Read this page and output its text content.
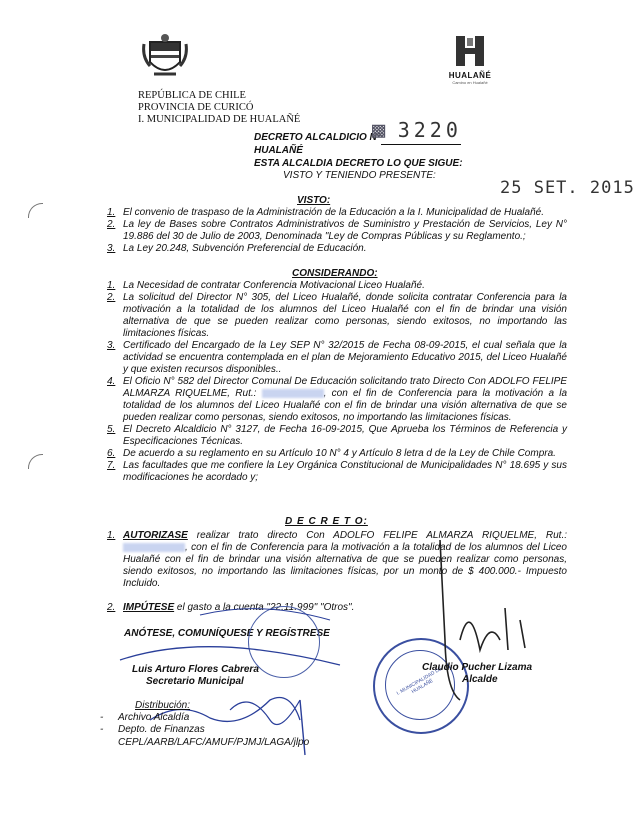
REPÚBLICA DE CHILE
PROVINCIA DE CURICÓ
I. MUNICIPALIDAD DE HUALAÑÉ
HUALAÑÉ
Camino en Hualañé
DECRETO ALCALDICIO N°
▩ 3220
HUALAÑÉ
ESTA ALCALDIA DECRETO LO QUE SIGUE:
VISTO Y TENIENDO PRESENTE:
25 SET. 2015
VISTO:
1. El convenio de traspaso de la Administración de la Educación a la I. Municipalidad de Hualañé.
2. La ley de Bases sobre Contratos Administrativos de Suministro y Prestación de Servicios, Ley N° 19.886 del 30 de Julio de 2003, Denominada "Ley de Compras Públicas y su Reglamento.;
3. La Ley 20.248, Subvención Preferencial de Educación.
CONSIDERANDO:
1. La Necesidad de contratar Conferencia Motivacional Liceo Hualañé.
2. La solicitud del Director N° 305, del Liceo Hualañé, donde solicita contratar Conferencia para la motivación a la totalidad de los alumnos del Liceo Hualañé con el fin de brindar una visión alternativa de que se pueden realizar como personas, siendo exitosos, no importando las limitaciones físicas.
3. Certificado del Encargado de la Ley SEP N° 32/2015 de Fecha 08-09-2015, el cual señala que la actividad se encuentra contemplada en el plan de Mejoramiento Educativo 2015, del Liceo Hualañé y que existen recursos disponibles..
4. El Oficio N° 582 del Director Comunal De Educación solicitando trato Directo Con ADOLFO FELIPE ALMARZA RIQUELME, Rut.:	, con el fin de Conferencia para la motivación a la totalidad de los alumnos del Liceo Hualañé con el fin de brindar una visión alternativa de que se pueden realizar como personas, siendo exitosos, no importando las limitaciones físicas.
5. El Decreto Alcaldicio N° 3127, de Fecha 16-09-2015, Que Aprueba los Términos de Referencia y Especificaciones Técnicas.
6. De acuerdo a su reglamento en su Artículo 10 N° 4 y Artículo 8 letra d de la Ley de Chile Compra.
7. Las facultades que me confiere la Ley Orgánica Constitucional de Municipalidades N° 18.695 y sus modificaciones he acordado y;
D E C R E T O:
1. AUTORIZASE realizar trato directo Con ADOLFO FELIPE ALMARZA RIQUELME, Rut.: , con el fin de Conferencia para la motivación a la totalidad de los alumnos del Liceo Hualañé con el fin de brindar una visión alternativa de que se pueden realizar como personas, siendo exitosos, no importando las limitaciones físicas, por un monto de $ 400.000.- Impuesto Incluido.
2. IMPÚTESE el gasto a la cuenta "22.11.999" "Otros".
ANÓTESE, COMUNÍQUESE Y REGÍSTRESE
I. MUNICIPALIDAD DE HUALAÑÉ
Luis Arturo Flores Cabrera
Secretario Municipal
Claudio Pucher Lizama
Alcalde
Distribución:
- Archivo Alcaldía
- Depto. de Finanzas
CEPL/AARB/LAFC/AMUF/PJMJ/LAGA/jlpo
